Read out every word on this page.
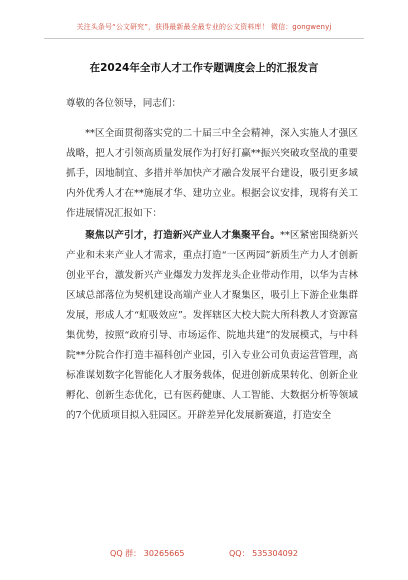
关注头条号“公文研究”，获得最新最全最专业的公文资料库！ 微信：gongwenyj
在2024年全市人才工作专题调度会上的汇报发言

尊敬的各位领导，同志们：

**区全面贯彻落实党的二十届三中全会精神，深入实施人才强区战略，把人才引领高质量发展作为打好打赢**振兴突破攻坚战的重要抓手，因地制宜、多措并举加快产才融合发展平台建设，吸引更多域内外优秀人才在**施展才华、建功立业。根据会议安排，现将有关工作进展情况汇报如下：

聚焦以产引才，打造新兴产业人才集聚平台。**区紧密围绕新兴产业和未来产业人才需求，重点打造“一区两园”新质生产力人才创新创业平台，激发新兴产业爆发力发挥龙头企业带动作用，以华为吉林区域总部落位为契机建设高端产业人才聚集区，吸引上下游企业集群发展，形成人才“虹吸效应”。发挥辖区大校大院大所科教人才资源富集优势，按照“政府引导、市场运作、院地共建”的发展模式，与中科院**分院合作打造丰福科创产业园，引入专业公司负责运营管理，高标准谋划数字化智能化人才服务载体，促进创新成果转化、创新企业孵化、创新生态优化，已有医药健康、人工智能、大数据分析等领域的7个优质项目拟入驻园区。开辟差异化发展新赛道，打造安全

QQ 群： 30265665	QQ： 535304092
